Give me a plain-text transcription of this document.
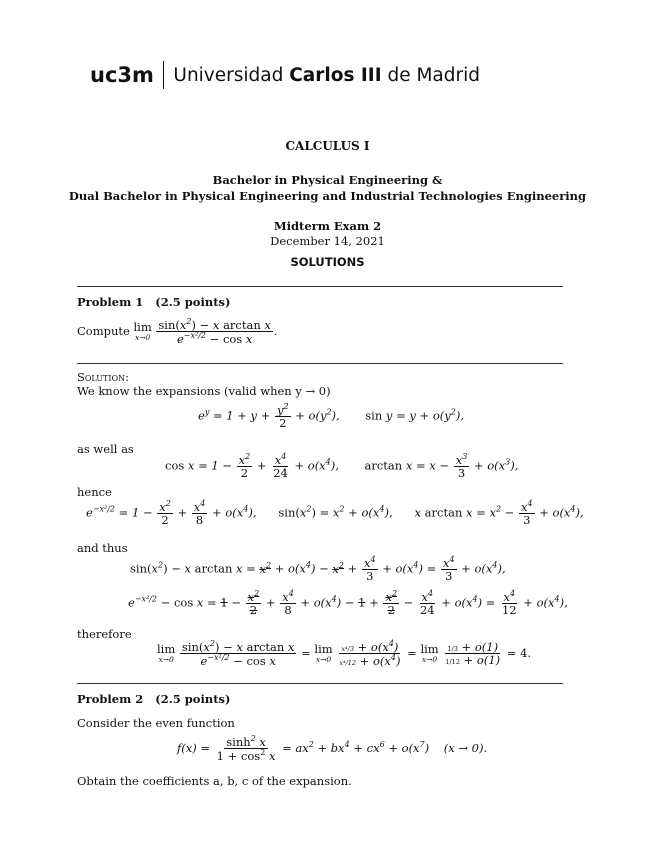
uc3m Universidad Carlos III de Madrid
CALCULUS I
Bachelor in Physical Engineering &
Dual Bachelor in Physical Engineering and Industrial Technologies Engineering
Midterm Exam 2
December 14, 2021
SOLUTIONS
Problem 1 (2.5 points)
Compute lim
x→0
$\frac{\sin(x^2) - x \arctan x}{e^{-x^2/2} - \cos x}$ .
Solution:
We know the expansions (valid when y → 0)
$e^y = 1 + y + \frac{y^2}{2} + o(y^2)$,       $\sin y = y + o(y^2)$,
as well as
$\cos x = 1 - \frac{x^2}{2} + \frac{x^4}{24} + o(x^4)$,       $\arctan x = x - \frac{x^3}{3} + o(x^3)$,
hence
$e^{-x^2/2} = 1 - \frac{x^2}{2} + \frac{x^4}{8} + o(x^4)$,      $\sin(x^2) = x^2 + o(x^4)$,      x $\arctan x = x^2 - \frac{x^4}{3} + o(x^4)$,
and thus
$\sin(x^2) - x$ $\arctan x = x^2 + o(x^4) - x^2 + \frac{x^4}{3} + o(x^4) = \frac{x^4}{3} + o(x^4)$,
$e^{-x^2/2} - \cos x = 1 - \frac{x^2}{2} + \frac{x^4}{8} + o(x^4) - 1 + \frac{x^2}{2} - \frac{x^4}{24} + o(x^4) = \frac{x^4}{12} + o(x^4)$,
therefore
lim
x→0
$\frac{\sin(x^2) - x \arctan x}{e^{-x^2/2} - \cos x} = \lim$
x→0
$\frac{x^4/3 + o(x^4)}{x^4/12 + o(x^4)} = \lim$
x→0
$\frac{1/3 + o(1)}{1/12 + o(1)} = 4$.
Problem 2 (2.5 points)
Consider the even function
$f(x) = \frac{\sinh^2 x}{1 + \cos^2 x} = ax^2 + bx^4 + cx^6 + o(x^7)$    (x → 0).
Obtain the coefficients a, b, c of the expansion.
